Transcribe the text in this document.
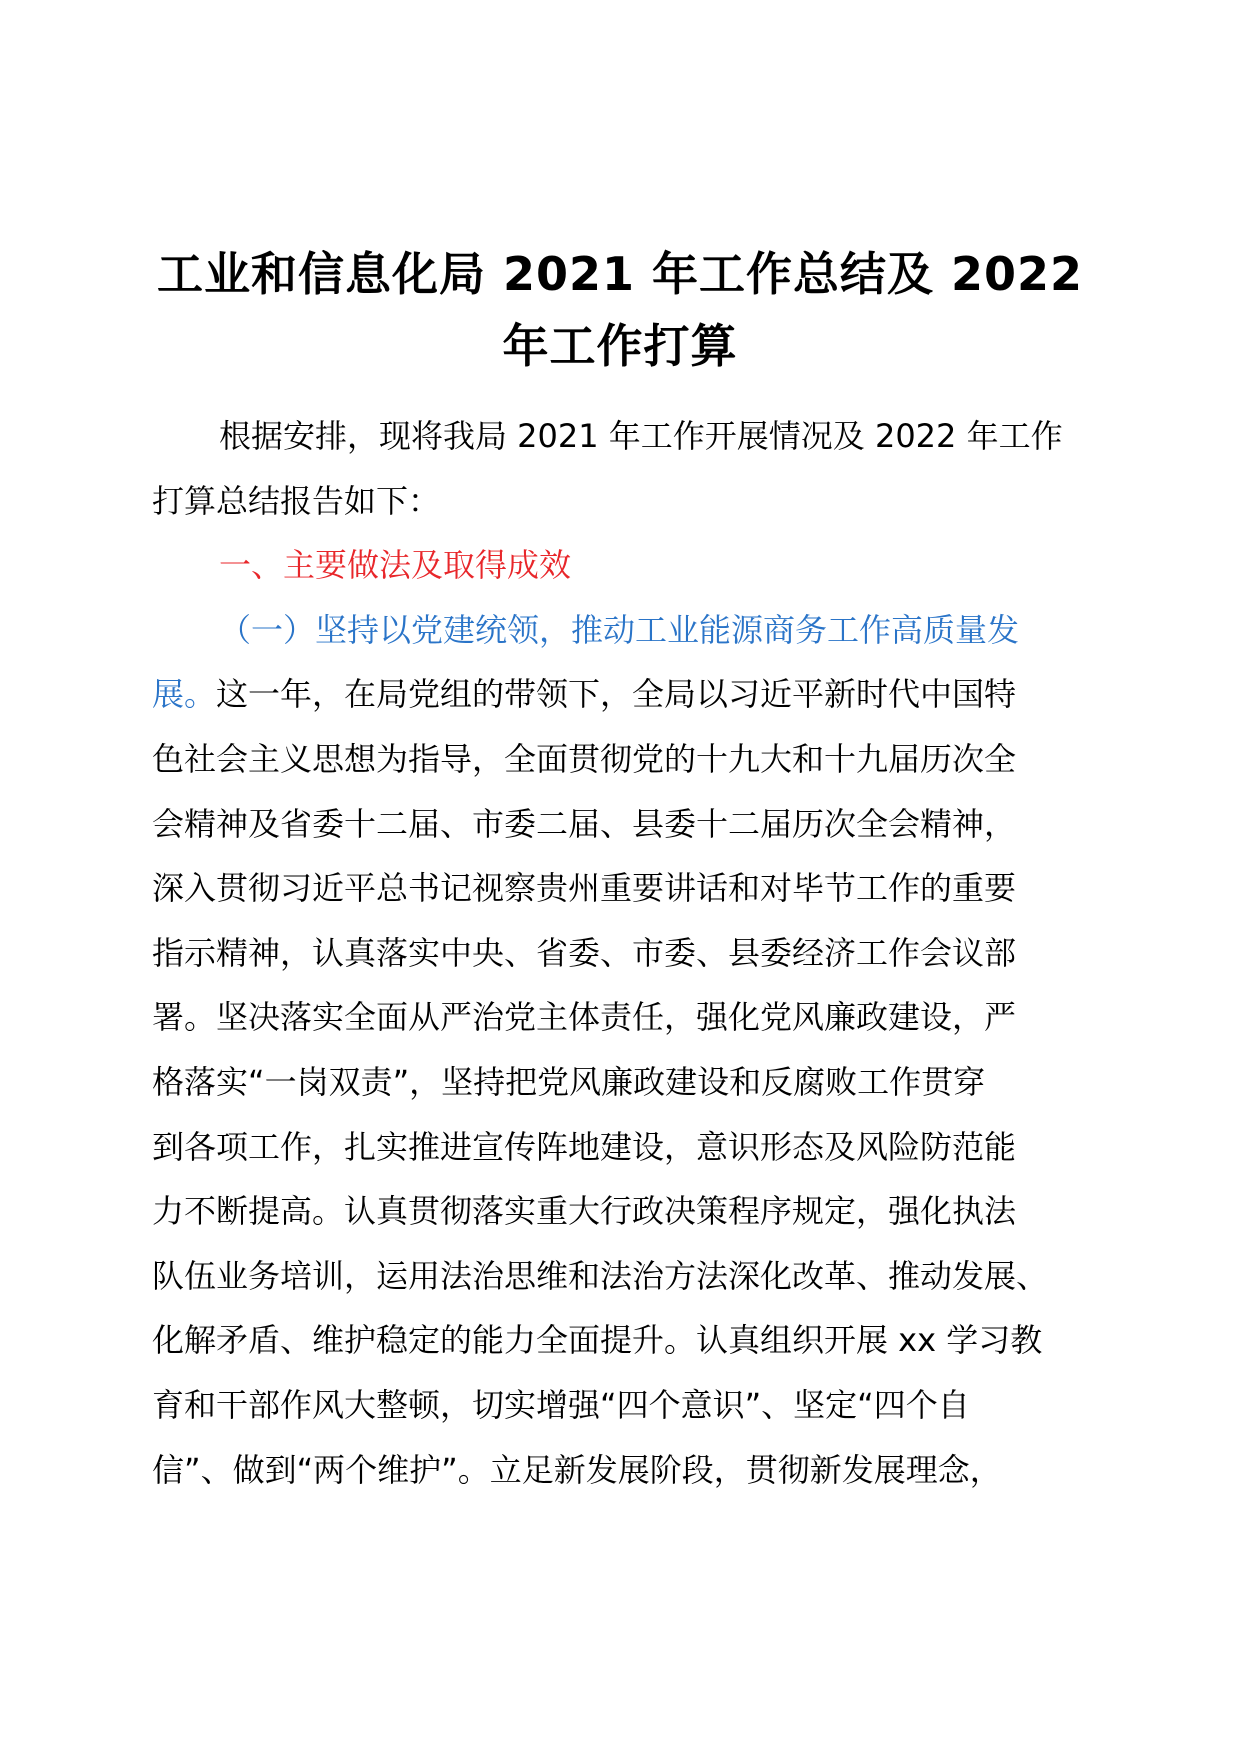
工业和信息化局 2021 年工作总结及 2022
年工作打算
根据安排，现将我局 2021 年工作开展情况及 2022 年工作
打算总结报告如下：
一、主要做法及取得成效
（一）坚持以党建统领，推动工业能源商务工作高质量发
展。这一年，在局党组的带领下，全局以习近平新时代中国特
色社会主义思想为指导，全面贯彻党的十九大和十九届历次全
会精神及省委十二届、市委二届、县委十二届历次全会精神，
深入贯彻习近平总书记视察贵州重要讲话和对毕节工作的重要
指示精神，认真落实中央、省委、市委、县委经济工作会议部
署。坚决落实全面从严治党主体责任，强化党风廉政建设，严
格落实“一岗双责”，坚持把党风廉政建设和反腐败工作贯穿
到各项工作，扎实推进宣传阵地建设，意识形态及风险防范能
力不断提高。认真贯彻落实重大行政决策程序规定，强化执法
队伍业务培训，运用法治思维和法治方法深化改革、推动发展、
化解矛盾、维护稳定的能力全面提升。认真组织开展 xx 学习教
育和干部作风大整顿，切实增强“四个意识”、坚定“四个自
信”、做到“两个维护”。立足新发展阶段，贯彻新发展理念，
